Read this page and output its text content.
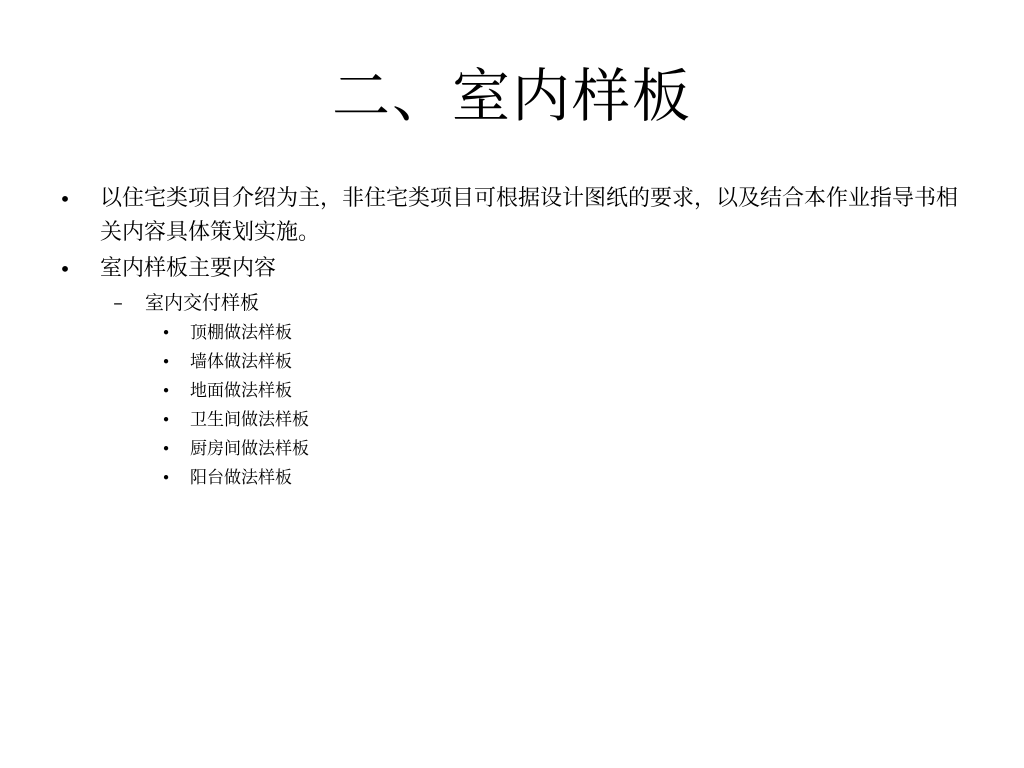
二、室内样板
• 以住宅类项目介绍为主，非住宅类项目可根据设计图纸的要求，以及结合本作业指导书相关内容具体策划实施。
• 室内样板主要内容
– 室内交付样板
• 顶棚做法样板
• 墙体做法样板
• 地面做法样板
• 卫生间做法样板
• 厨房间做法样板
• 阳台做法样板
